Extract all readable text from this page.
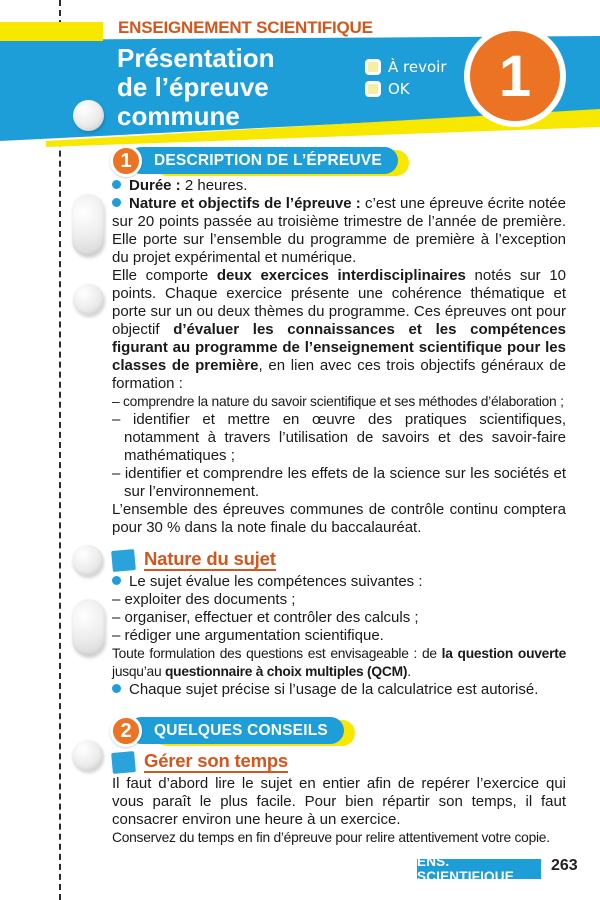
ENSEIGNEMENT SCIENTIFIQUE
Présentation
de l’épreuve
commune
À revoir
OK	1
DESCRIPTION DE L’ÉPREUVE
1

Durée : 2 heures.

Nature et objectifs de l’épreuve : c’est une épreuve écrite notée sur 20 points passée au troisième trimestre de l’année de première. Elle porte sur l’ensemble du programme de première à l’exception du projet expérimental et numérique.

Elle comporte deux exercices interdisciplinaires notés sur 10 points. Chaque exercice présente une cohérence thématique et porte sur un ou deux thèmes du programme. Ces épreuves ont pour objectif d’évaluer les connaissances et les compétences figurant au programme de l’enseignement scientifique pour les classes de première, en lien avec ces trois objectifs généraux de formation :

– comprendre la nature du savoir scientifique et ses méthodes d’élaboration ;

– identifier et mettre en œuvre des pratiques scientifiques, notamment à travers l’utilisation de savoirs et des savoir-faire mathématiques ;

– identifier et comprendre les effets de la science sur les sociétés et sur l’environnement.

L’ensemble des épreuves communes de contrôle continu comptera pour 30 % dans la note finale du baccalauréat.

Nature du sujet

Le sujet évalue les compétences suivantes :

– exploiter des documents ;

– organiser, effectuer et contrôler des calculs ;

– rédiger une argumentation scientifique.

Toute formulation des questions est envisageable : de la question ouverte jusqu’au questionnaire à choix multiples (QCM).

Chaque sujet précise si l’usage de la calculatrice est autorisé.

QUELQUES CONSEILS
2
Gérer son temps

Il faut d’abord lire le sujet en entier afin de repérer l’exercice qui vous paraît le plus facile. Pour bien répartir son temps, il faut consacrer environ une heure à un exercice.

Conservez du temps en fin d’épreuve pour relire attentivement votre copie.

ENS. SCIENTIFIQUE
263
